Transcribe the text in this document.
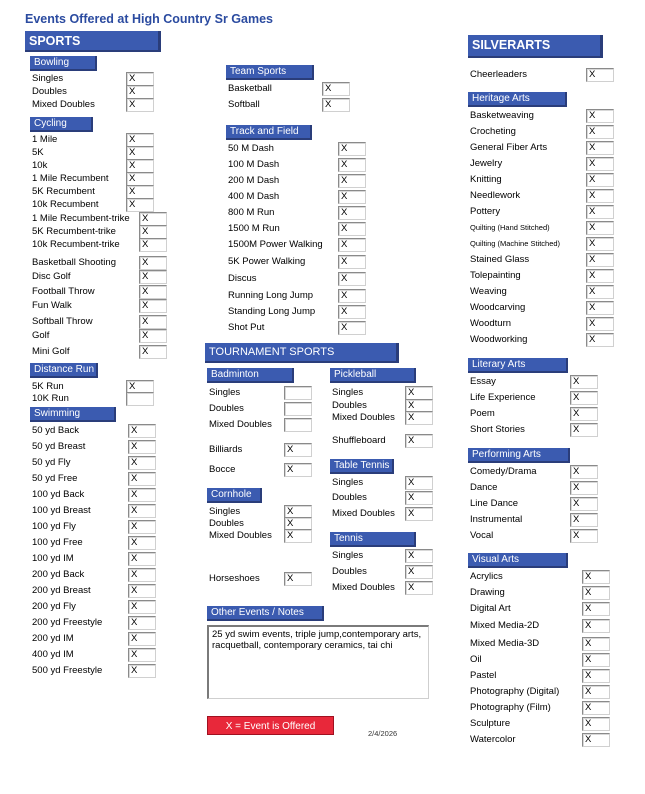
Events Offered at High Country Sr Games
SPORTS	SILVERARTS
TOURNAMENT SPORTS
Other Events / Notes
25 yd swim events, triple jump,contemporary arts, racquetball, contemporary ceramics, tai chi
X = Event is Offered
2/4/2026
Bowling
Singles	X
Doubles	X
Mixed Doubles	X
Cycling
1 Mile	X
5K	X
10k	X
1 Mile Recumbent	X
5K Recumbent	X
10k Recumbent	X
1 Mile Recumbent-trike	X
5K Recumbent-trike	X
10k Recumbent-trike	X
Basketball Shooting	X
Disc Golf	X
Football Throw	X
Fun Walk	X
Softball Throw	X
Golf	X
Mini Golf	X
Distance Run
5K Run	X
10K Run
Swimming
50 yd Back	X
50 yd Breast	X
50 yd Fly	X
50 yd Free	X
100 yd Back	X
100 yd Breast	X
100 yd Fly	X
100 yd Free	X
100 yd IM	X
200 yd Back	X
200 yd Breast	X
200 yd Fly	X
200 yd Freestyle	X
200 yd IM	X
400 yd IM	X
500 yd Freestyle	X
Team Sports
Basketball	X
Softball	X
Track and Field
50 M Dash	X
100 M Dash	X
200 M Dash	X
400 M Dash	X
800 M Run	X
1500 M Run	X
1500M Power Walking	X
5K Power Walking	X
Discus	X
Running Long Jump	X
Standing Long Jump	X
Shot Put	X
Badminton
Singles
Doubles
Mixed Doubles
Billiards	X
Bocce	X
Cornhole
Singles	X
Doubles	X
Mixed Doubles	X
Horseshoes	X
Pickleball
Singles	X
Doubles	X
Mixed Doubles	X
Shuffleboard	X
Table Tennis
Singles	X
Doubles	X
Mixed Doubles	X
Tennis
Singles	X
Doubles	X
Mixed Doubles	X
Cheerleaders	X
Heritage Arts
Basketweaving	X
Crocheting	X
General Fiber Arts	X
Jewelry	X
Knitting	X
Needlework	X
Pottery	X
Quilting (Hand Stitched)	X
Quilting (Machine Stitched)	X
Stained Glass	X
Tolepainting	X
Weaving	X
Woodcarving	X
Woodturn	X
Woodworking	X
Literary Arts
Essay	X
Life Experience	X
Poem	X
Short Stories	X
Performing Arts
Comedy/Drama	X
Dance	X
Line Dance	X
Instrumental	X
Vocal	X
Visual Arts
Acrylics	X
Drawing	X
Digital Art	X
Mixed Media-2D	X
Mixed Media-3D	X
Oil	X
Pastel	X
Photography (Digital)	X
Photography (Film)	X
Sculpture	X
Watercolor	X
